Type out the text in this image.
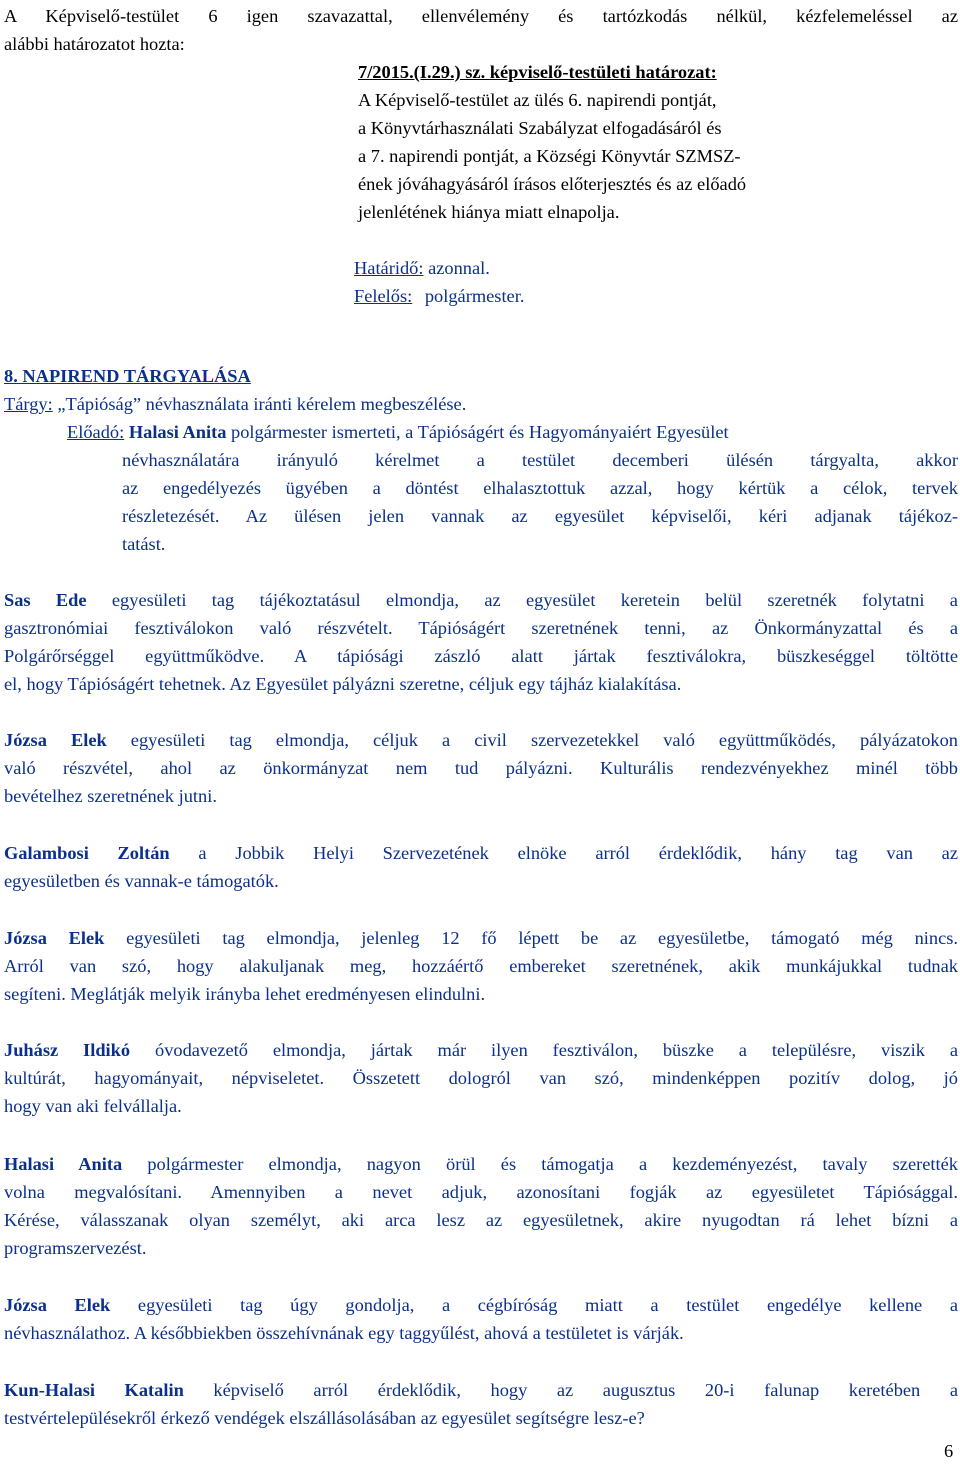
A Képviselő-testület 6 igen szavazattal, ellenvélemény és tartózkodás nélkül, kézfelemeléssel az
alábbi határozatot hozta:
7/2015.(I.29.) sz. képviselő-testületi határozat:
A Képviselő-testület az ülés 6. napirendi pontját,
a Könyvtárhasználati Szabályzat elfogadásáról és
a 7. napirendi pontját, a Községi Könyvtár SZMSZ-
ének jóváhagyásáról írásos előterjesztés és az előadó
jelenlétének hiánya miatt elnapolja.
Határidő: azonnal.
Felelős: polgármester.
8. NAPIREND TÁRGYALÁSA
Tárgy: „Tápióság” névhasználata iránti kérelem megbeszélése.
Előadó: Halasi Anita polgármester ismerteti, a Tápióságért és Hagyományaiért Egyesület
névhasználatára irányuló kérelmet a testület decemberi ülésén tárgyalta, akkor
az engedélyezés ügyében a döntést elhalasztottuk azzal, hogy kértük a célok, tervek
részletezését. Az ülésen jelen vannak az egyesület képviselői, kéri adjanak tájékoz-
tatást.
Sas Ede egyesületi tag tájékoztatásul elmondja, az egyesület keretein belül szeretnék folytatni a
gasztronómiai fesztiválokon való részvételt. Tápióságért szeretnének tenni, az Önkormányzattal és a
Polgárőrséggel együttműködve. A tápiósági zászló alatt jártak fesztiválokra, büszkeséggel töltötte
el, hogy Tápióságért tehetnek. Az Egyesület pályázni szeretne, céljuk egy tájház kialakítása.
Józsa Elek egyesületi tag elmondja, céljuk a civil szervezetekkel való együttműködés, pályázatokon
való részvétel, ahol az önkormányzat nem tud pályázni. Kulturális rendezvényekhez minél több
bevételhez szeretnének jutni.
Galambosi Zoltán a Jobbik Helyi Szervezetének elnöke arról érdeklődik, hány tag van az
egyesületben és vannak-e támogatók.
Józsa Elek egyesületi tag elmondja, jelenleg 12 fő lépett be az egyesületbe, támogató még nincs.
Arról van szó, hogy alakuljanak meg, hozzáértő embereket szeretnének, akik munkájukkal tudnak
segíteni. Meglátják melyik irányba lehet eredményesen elindulni.
Juhász Ildikó óvodavezető elmondja, jártak már ilyen fesztiválon, büszke a településre, viszik a
kultúrát, hagyományait, népviseletet. Összetett dologról van szó, mindenképpen pozitív dolog, jó
hogy van aki felvállalja.
Halasi Anita polgármester elmondja, nagyon örül és támogatja a kezdeményezést, tavaly szerették
volna megvalósítani. Amennyiben a nevet adjuk, azonosítani fogják az egyesületet Tápiósággal.
Kérése, válasszanak olyan személyt, aki arca lesz az egyesületnek, akire nyugodtan rá lehet bízni a
programszervezést.
Józsa Elek egyesületi tag úgy gondolja, a cégbíróság miatt a testület engedélye kellene a
névhasználathoz. A későbbiekben összehívnának egy taggyűlést, ahová a testületet is várják.
Kun-Halasi Katalin képviselő arról érdeklődik, hogy az augusztus 20-i falunap keretében a
testvértelepülésekről érkező vendégek elszállásolásában az egyesület segítségre lesz-e?
6
